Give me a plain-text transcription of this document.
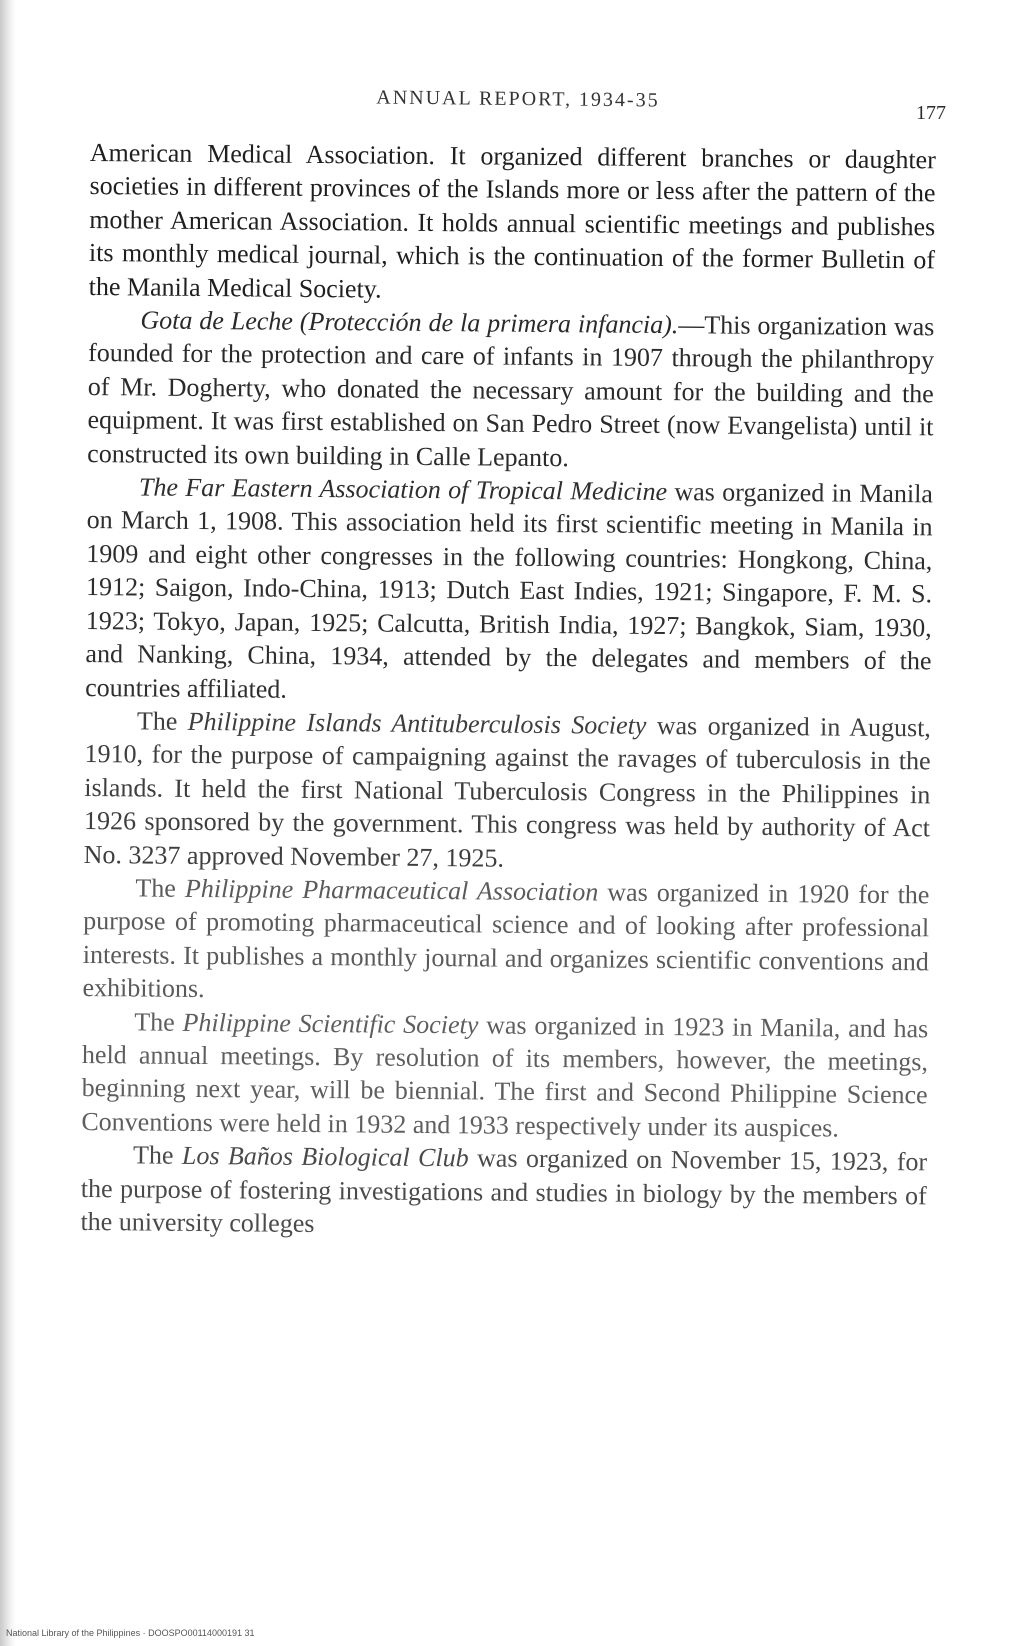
ANNUAL REPORT, 1934-35
177

American Medical Association. It organized different branches or daughter societies in different provinces of the Islands more or less after the pattern of the mother American Association. It holds annual scientific meetings and publishes its monthly medical journal, which is the continuation of the former Bulletin of the Manila Medical Society.

Gota de Leche (Protección de la primera infancia).—This organization was founded for the protection and care of infants in 1907 through the philanthropy of Mr. Dogherty, who donated the necessary amount for the building and the equipment. It was first established on San Pedro Street (now Evangelista) until it constructed its own building in Calle Lepanto.

The Far Eastern Association of Tropical Medicine was organized in Manila on March 1, 1908. This association held its first scientific meeting in Manila in 1909 and eight other congresses in the following countries: Hongkong, China, 1912; Saigon, Indo-China, 1913; Dutch East Indies, 1921; Singapore, F. M. S. 1923; Tokyo, Japan, 1925; Calcutta, British India, 1927; Bangkok, Siam, 1930, and Nanking, China, 1934, attended by the delegates and members of the countries affiliated.

The Philippine Islands Antituberculosis Society was organized in August, 1910, for the purpose of campaigning against the ravages of tuberculosis in the islands. It held the first National Tuberculosis Congress in the Philippines in 1926 sponsored by the government. This congress was held by authority of Act No. 3237 approved November 27, 1925.

The Philippine Pharmaceutical Association was organized in 1920 for the purpose of promoting pharmaceutical science and of looking after professional interests. It publishes a monthly journal and organizes scientific conventions and exhibitions.

The Philippine Scientific Society was organized in 1923 in Manila, and has held annual meetings. By resolution of its members, however, the meetings, beginning next year, will be biennial. The first and Second Philippine Science Conventions were held in 1932 and 1933 respectively under its auspices.

The Los Baños Biological Club was organized on November 15, 1923, for the purpose of fostering investigations and studies in biology by the members of the university colleges

National Library of the Philippines · DOOSPO00114000191 31
